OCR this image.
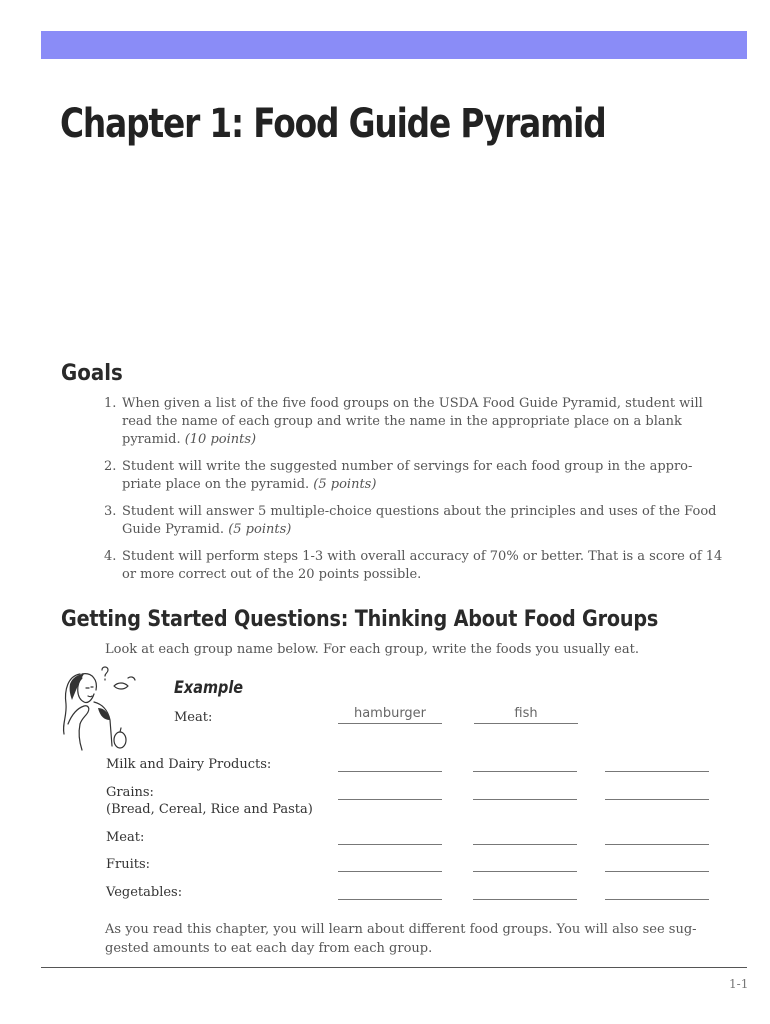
Chapter 1: Food Guide Pyramid
Goals
1. When given a list of the five food groups on the USDA Food Guide Pyramid, student will read the name of each group and write the name in the appropriate place on a blank pyramid. (10 points)
2. Student will write the suggested number of servings for each food group in the appropriate place on the pyramid. (5 points)
3. Student will answer 5 multiple-choice questions about the principles and uses of the Food Guide Pyramid. (5 points)
4. Student will perform steps 1-3 with overall accuracy of 70% or better. That is a score of 14 or more correct out of the 20 points possible.
Getting Started Questions: Thinking About Food Groups
Look at each group name below. For each group, write the foods you usually eat.
Example
Meat:	hamburger	fish
Milk and Dairy Products:
Grains:
(Bread, Cereal, Rice and Pasta)
Meat:
Fruits:
Vegetables:

As you read this chapter, you will learn about different food groups. You will also see suggested amounts to eat each day from each group.

1-1
